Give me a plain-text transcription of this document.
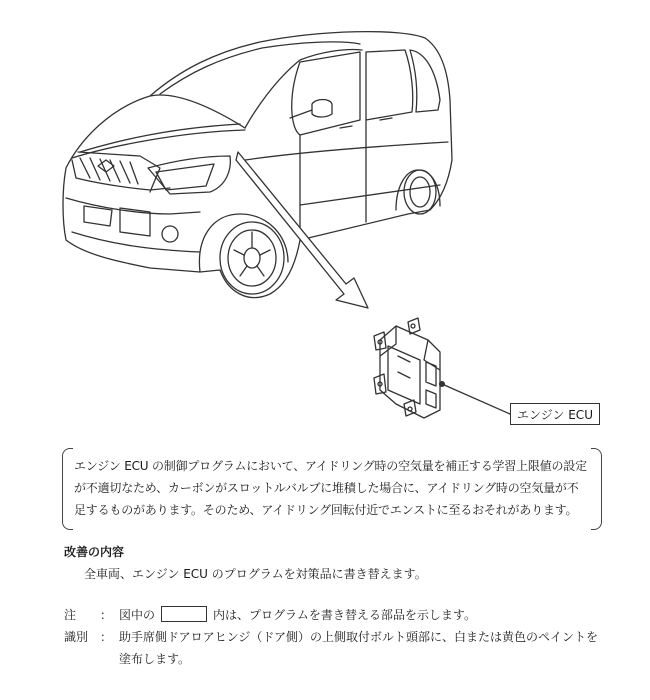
エンジン ECU
エンジン ECU の制御プログラムにおいて、アイドリング時の空気量を補正する学習上限値の設定
が不適切なため、カーボンがスロットルバルブに堆積した場合に、アイドリング時の空気量が不
足するものがあります。そのため、アイドリング回転付近でエンストに至るおそれがあります。
改善の内容
全車両、エンジン ECU のプログラムを対策品に書き替えます。
注	： 図中の	内は、プログラムを書き替える部品を示します。
識別 ： 助手席側ドアロアヒンジ（ドア側）の上側取付ボルト頭部に、白または黄色のペイントを
塗布します。
